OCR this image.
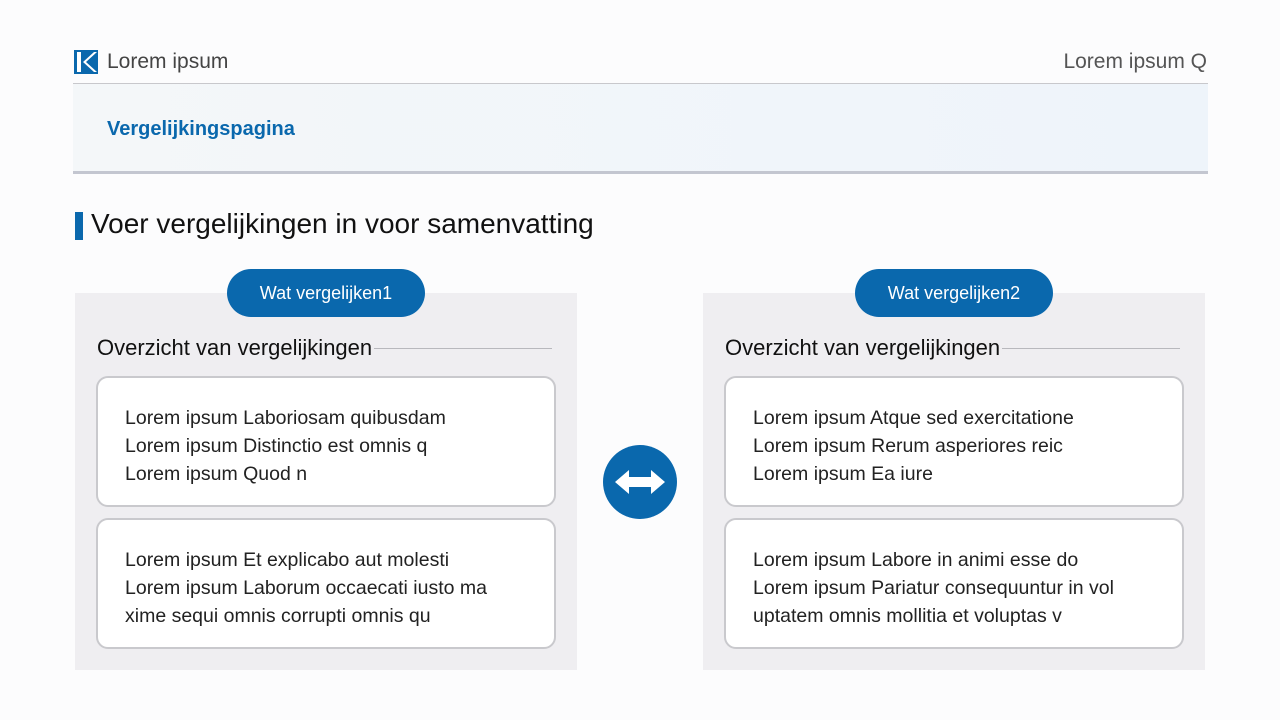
Lorem ipsum	Lorem ipsum Q
Vergelijkingspagina
Voer vergelijkingen in voor samenvatting
Overzicht van vergelijkingen
Lorem ipsum Laboriosam quibusdam
Lorem ipsum Distinctio est omnis q
Lorem ipsum Quod n
Lorem ipsum Et explicabo aut molesti
Lorem ipsum Laborum occaecati iusto ma
xime sequi omnis corrupti omnis qu
Wat vergelijken1
Overzicht van vergelijkingen
Lorem ipsum Atque sed exercitatione
Lorem ipsum Rerum asperiores reic
Lorem ipsum Ea iure
Lorem ipsum Labore in animi esse do
Lorem ipsum Pariatur consequuntur in vol
uptatem omnis mollitia et voluptas v
Wat vergelijken2
